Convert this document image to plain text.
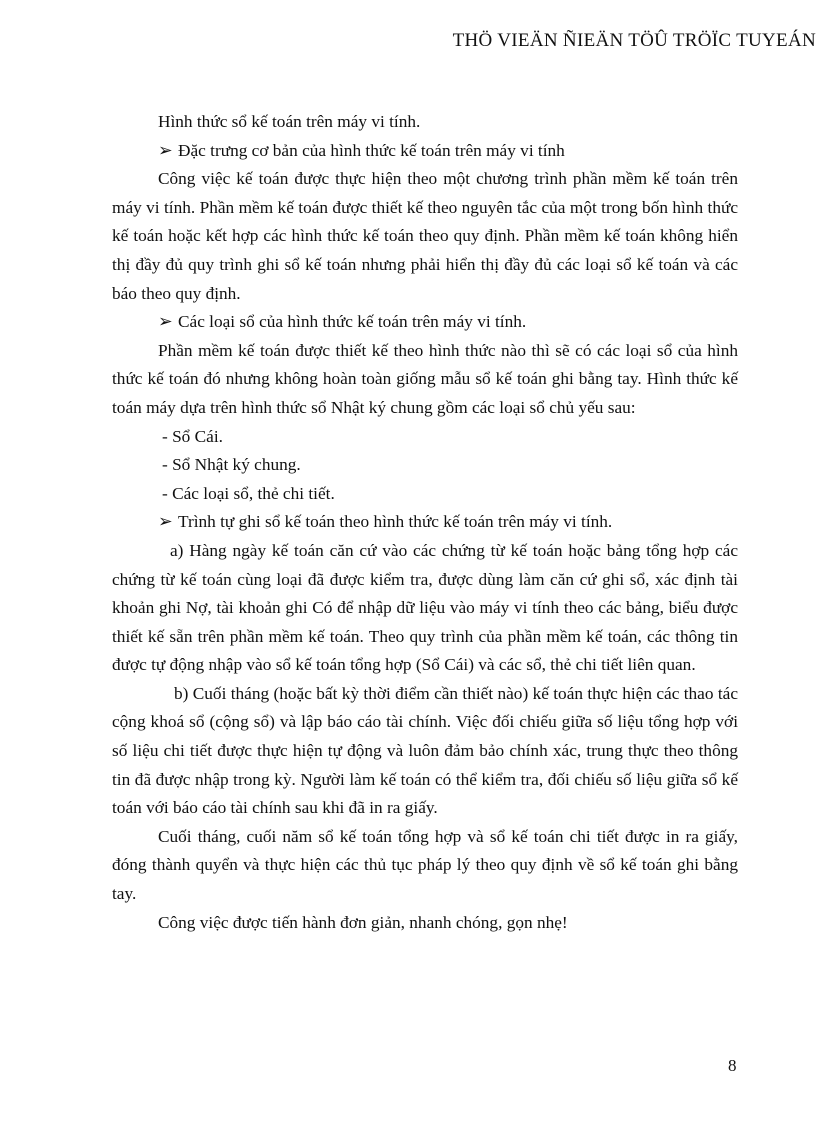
THÖ VIEÄN ÑIEÄN TÖÛ TRÖÏC TUYEÁN

Hình thức sổ kế toán trên máy vi tính.

➢ Đặc trưng cơ bản của hình thức kế toán trên máy vi tính

Công việc kế toán được thực hiện theo một chương trình phần mềm kế toán trên máy vi tính. Phần mềm kế toán được thiết kế theo nguyên tắc của một trong bốn hình thức kế toán hoặc kết hợp các hình thức kế toán theo quy định. Phần mềm kế toán không hiển thị đầy đủ quy trình ghi sổ kế toán nhưng phải hiển thị đầy đủ các loại sổ kế toán và các báo theo quy định.

➢ Các loại sổ của hình thức kế toán trên máy vi tính.

Phần mềm kế toán được thiết kế theo hình thức nào thì sẽ có các loại sổ của hình thức kế toán đó nhưng không hoàn toàn giống mẫu sổ kế toán ghi bằng tay. Hình thức kế toán máy dựa trên hình thức sổ Nhật ký chung gồm các loại sổ chủ yếu sau:

- Sổ Cái.

- Sổ Nhật ký chung.

- Các loại sổ, thẻ chi tiết.

➢ Trình tự ghi sổ kế toán theo hình thức kế toán trên máy vi tính.

a) Hàng ngày kế toán căn cứ vào các chứng từ kế toán hoặc bảng tổng hợp các chứng từ kế toán cùng loại đã được kiểm tra, được dùng làm căn cứ ghi sổ, xác định tài khoản ghi Nợ, tài khoản ghi Có để nhập dữ liệu vào máy vi tính theo các bảng, biểu được thiết kế sẵn trên phần mềm kế toán. Theo quy trình của phần mềm kế toán, các thông tin được tự động nhập vào sổ kế toán tổng hợp (Sổ Cái) và các sổ, thẻ chi tiết liên quan.

b) Cuối tháng (hoặc bất kỳ thời điểm cần thiết nào) kế toán thực hiện các thao tác cộng khoá sổ (cộng sổ) và lập báo cáo tài chính. Việc đối chiếu giữa số liệu tổng hợp với số liệu chi tiết được thực hiện tự động và luôn đảm bảo chính xác, trung thực theo thông tin đã được nhập trong kỳ. Người làm kế toán có thể kiểm tra, đối chiếu số liệu giữa sổ kế toán với báo cáo tài chính sau khi đã in ra giấy.

Cuối tháng, cuối năm sổ kế toán tổng hợp và sổ kế toán chi tiết được in ra giấy, đóng thành quyển và thực hiện các thủ tục pháp lý theo quy định về sổ kế toán ghi bằng tay.

Công việc được tiến hành đơn giản, nhanh chóng, gọn nhẹ!

8
